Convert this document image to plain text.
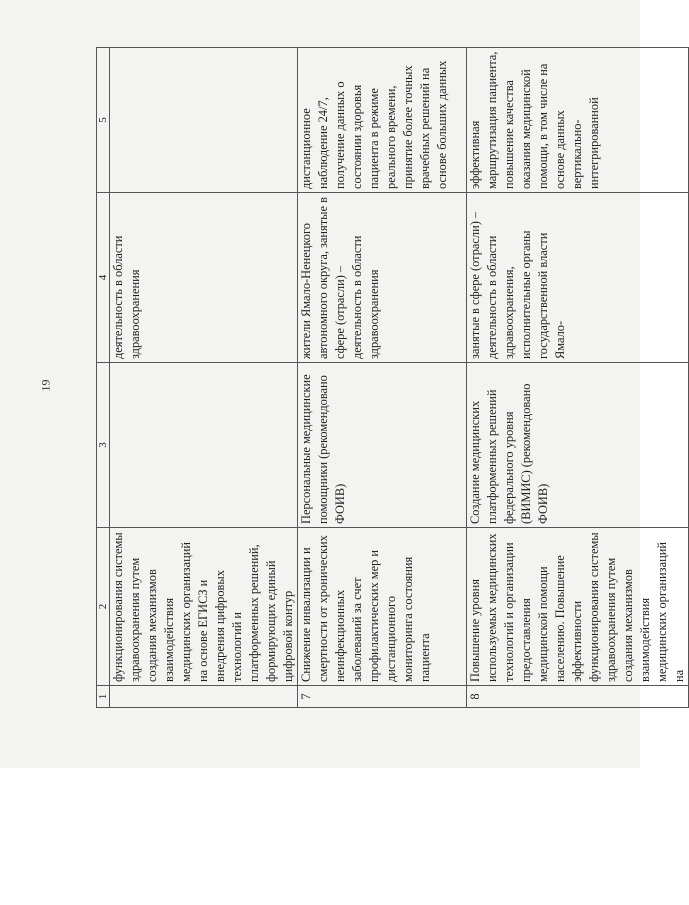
19
1	2	3	4	5
	функционирования системы здравоохранения путем создания механизмов взаимодействия медицинских организаций на основе ЕГИСЗ и внедрения цифровых технологий и платформенных решений, формирующих единый цифровой контур		деятельность в области здравоохранения	
7	Снижение инвализации и смертности от хронических неинфекционных заболеваний за счет профилактических мер и дистанционного мониторинга состояния пациента	Персональные медицинские помощники (рекомендовано ФОИВ)	жители Ямало-Ненецкого автономного округа, занятые в сфере (отрасли) – деятельность в области здравоохранения	дистанционное наблюдение 24/7, получение данных о состоянии здоровья пациента в режиме реального времени, принятие более точных врачебных решений на основе больших данных
8	Повышение уровня используемых медицинских технологий и организации предоставления медицинской помощи населению. Повышение эффективности функционирования системы здравоохранения путем создания механизмов взаимодействия медицинских организаций на	Создание медицинских платформенных решений федерального уровня (ВИМИС) (рекомендовано ФОИВ)	занятые в сфере (отрасли) – деятельность в области здравоохранения, исполнительные органы государственной власти Ямало-	эффективная маршрутизация пациента, повышение качества оказания медицинской помощи, в том числе на основе данных вертикально-интегрированной
